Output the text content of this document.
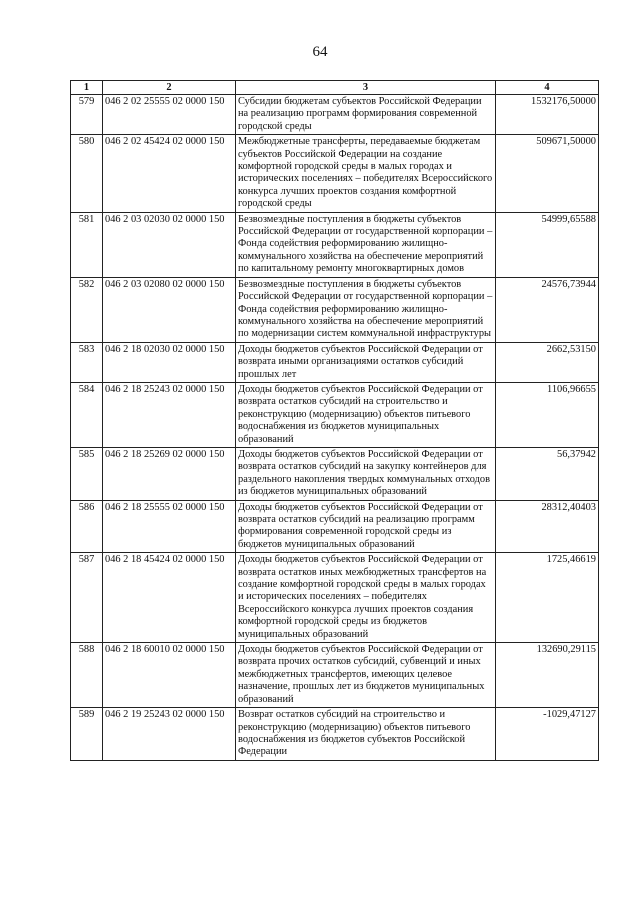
64
1	2	3	4
579	046 2 02 25555 02 0000 150	Субсидии бюджетам субъектов Российской Федерации на реализацию программ формирования современной городской среды	1532176,50000
580	046 2 02 45424 02 0000 150	Межбюджетные трансферты, передаваемые бюджетам субъектов Российской Федерации на создание комфортной городской среды в малых городах и исторических поселениях – победителях Всероссийского конкурса лучших проектов создания комфортной городской среды	509671,50000
581	046 2 03 02030 02 0000 150	Безвозмездные поступления в бюджеты субъектов Российской Федерации от государственной корпорации – Фонда содействия реформированию жилищно-коммунального хозяйства на обеспечение мероприятий по капитальному ремонту многоквартирных домов	54999,65588
582	046 2 03 02080 02 0000 150	Безвозмездные поступления в бюджеты субъектов Российской Федерации от государственной корпорации – Фонда содействия реформированию жилищно-коммунального хозяйства на обеспечение мероприятий по модернизации систем коммунальной инфраструктуры	24576,73944
583	046 2 18 02030 02 0000 150	Доходы бюджетов субъектов Российской Федерации от возврата иными организациями остатков субсидий прошлых лет	2662,53150
584	046 2 18 25243 02 0000 150	Доходы бюджетов субъектов Российской Федерации от возврата остатков субсидий на строительство и реконструкцию (модернизацию) объектов питьевого водоснабжения из бюджетов муниципальных образований	1106,96655
585	046 2 18 25269 02 0000 150	Доходы бюджетов субъектов Российской Федерации от возврата остатков субсидий на закупку контейнеров для раздельного накопления твердых коммунальных отходов из бюджетов муниципальных образований	56,37942
586	046 2 18 25555 02 0000 150	Доходы бюджетов субъектов Российской Федерации от возврата остатков субсидий на реализацию программ формирования современной городской среды из бюджетов муниципальных образований	28312,40403
587	046 2 18 45424 02 0000 150	Доходы бюджетов субъектов Российской Федерации от возврата остатков иных межбюджетных трансфертов на создание комфортной городской среды в малых городах и исторических поселениях – победителях Всероссийского конкурса лучших проектов создания комфортной городской среды из бюджетов муниципальных образований	1725,46619
588	046 2 18 60010 02 0000 150	Доходы бюджетов субъектов Российской Федерации от возврата прочих остатков субсидий, субвенций и иных межбюджетных трансфертов, имеющих целевое назначение, прошлых лет из бюджетов муниципальных образований	132690,29115
589	046 2 19 25243 02 0000 150	Возврат остатков субсидий на строительство и реконструкцию (модернизацию) объектов питьевого водоснабжения из бюджетов субъектов Российской Федерации	-1029,47127
